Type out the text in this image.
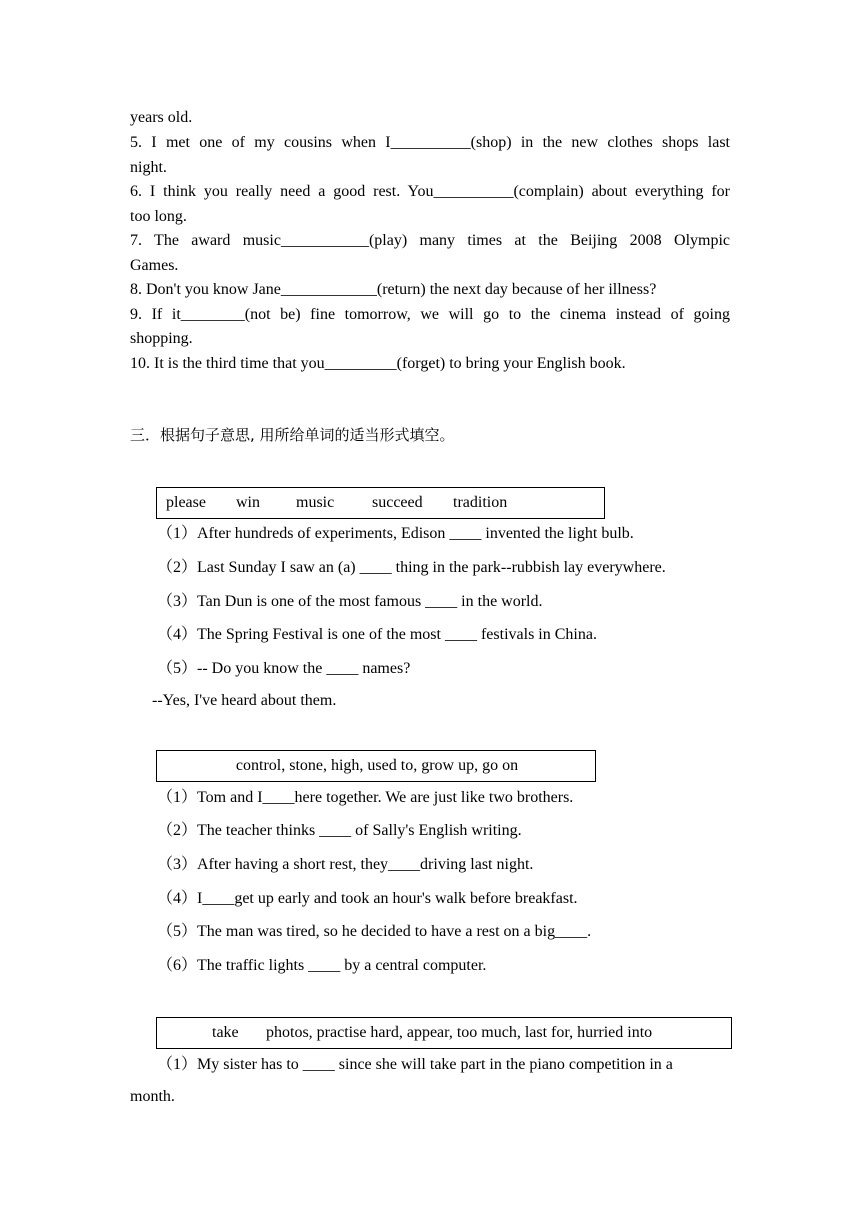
years old.
5. I met one of my cousins when I__________(shop) in the new clothes shops last
night.
6. I think you really need a good rest. You__________(complain) about everything for
too long.
7. The award music___________(play) many times at the Beijing 2008 Olympic
Games.
8. Don't you know Jane____________(return) the next day because of her illness?
9. If it________(not be) fine tomorrow, we will go to the cinema instead of going
shopping.
10. It is the third time that you_________(forget) to bring your English book.
三．根据句子意思, 用所给单词的适当形式填空。
please win music succeed tradition
（1）After hundreds of experiments, Edison ____ invented the light bulb.
（2）Last Sunday I saw an (a) ____ thing in the park--rubbish lay everywhere.
（3）Tan Dun is one of the most famous ____ in the world.
（4）The Spring Festival is one of the most ____ festivals in China.
（5）-- Do you know the ____ names?
--Yes, I've heard about them.
control, stone, high, used to, grow up, go on
（1）Tom and I____here together. We are just like two brothers.
（2）The teacher thinks ____ of Sally's English writing.
（3）After having a short rest, they____driving last night.
（4）I____get up early and took an hour's walk before breakfast.
（5）The man was tired, so he decided to have a rest on a big____.
（6）The traffic lights ____ by a central computer.
take photos, practise hard, appear, too much, last for, hurried into
（1）My sister has to ____ since she will take part in the piano competition in a
month.
